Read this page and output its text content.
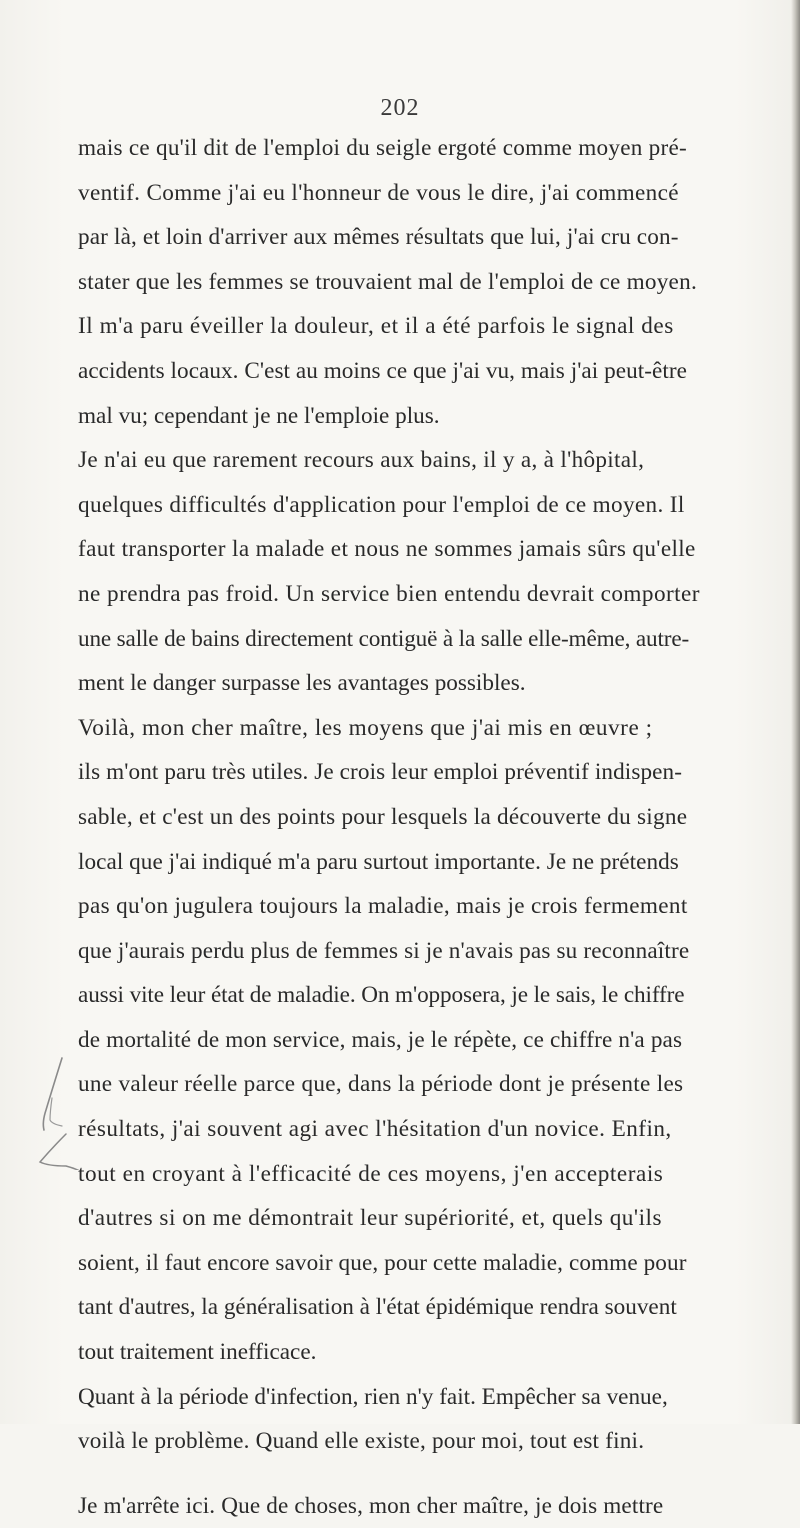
202
mais ce qu'il dit de l'emploi du seigle ergoté comme moyen pré-
ventif. Comme j'ai eu l'honneur de vous le dire, j'ai commencé
par là, et loin d'arriver aux mêmes résultats que lui, j'ai cru con-
stater que les femmes se trouvaient mal de l'emploi de ce moyen.
Il m'a paru éveiller la douleur, et il a été parfois le signal des
accidents locaux. C'est au moins ce que j'ai vu, mais j'ai peut-être
mal vu; cependant je ne l'emploie plus.
Je n'ai eu que rarement recours aux bains, il y a, à l'hôpital,
quelques difficultés d'application pour l'emploi de ce moyen. Il
faut transporter la malade et nous ne sommes jamais sûrs qu'elle
ne prendra pas froid. Un service bien entendu devrait comporter
une salle de bains directement contiguë à la salle elle-même, autre-
ment le danger surpasse les avantages possibles.
Voilà, mon cher maître, les moyens que j'ai mis en œuvre ;
ils m'ont paru très utiles. Je crois leur emploi préventif indispen-
sable, et c'est un des points pour lesquels la découverte du signe
local que j'ai indiqué m'a paru surtout importante. Je ne prétends
pas qu'on jugulera toujours la maladie, mais je crois fermement
que j'aurais perdu plus de femmes si je n'avais pas su reconnaître
aussi vite leur état de maladie. On m'opposera, je le sais, le chiffre
de mortalité de mon service, mais, je le répète, ce chiffre n'a pas
une valeur réelle parce que, dans la période dont je présente les
résultats, j'ai souvent agi avec l'hésitation d'un novice. Enfin,
tout en croyant à l'efficacité de ces moyens, j'en accepterais
d'autres si on me démontrait leur supériorité, et, quels qu'ils
soient, il faut encore savoir que, pour cette maladie, comme pour
tant d'autres, la généralisation à l'état épidémique rendra souvent
tout traitement inefficace.
Quant à la période d'infection, rien n'y fait. Empêcher sa venue,
voilà le problème. Quand elle existe, pour moi, tout est fini.
Je m'arrête ici. Que de choses, mon cher maître, je dois mettre
